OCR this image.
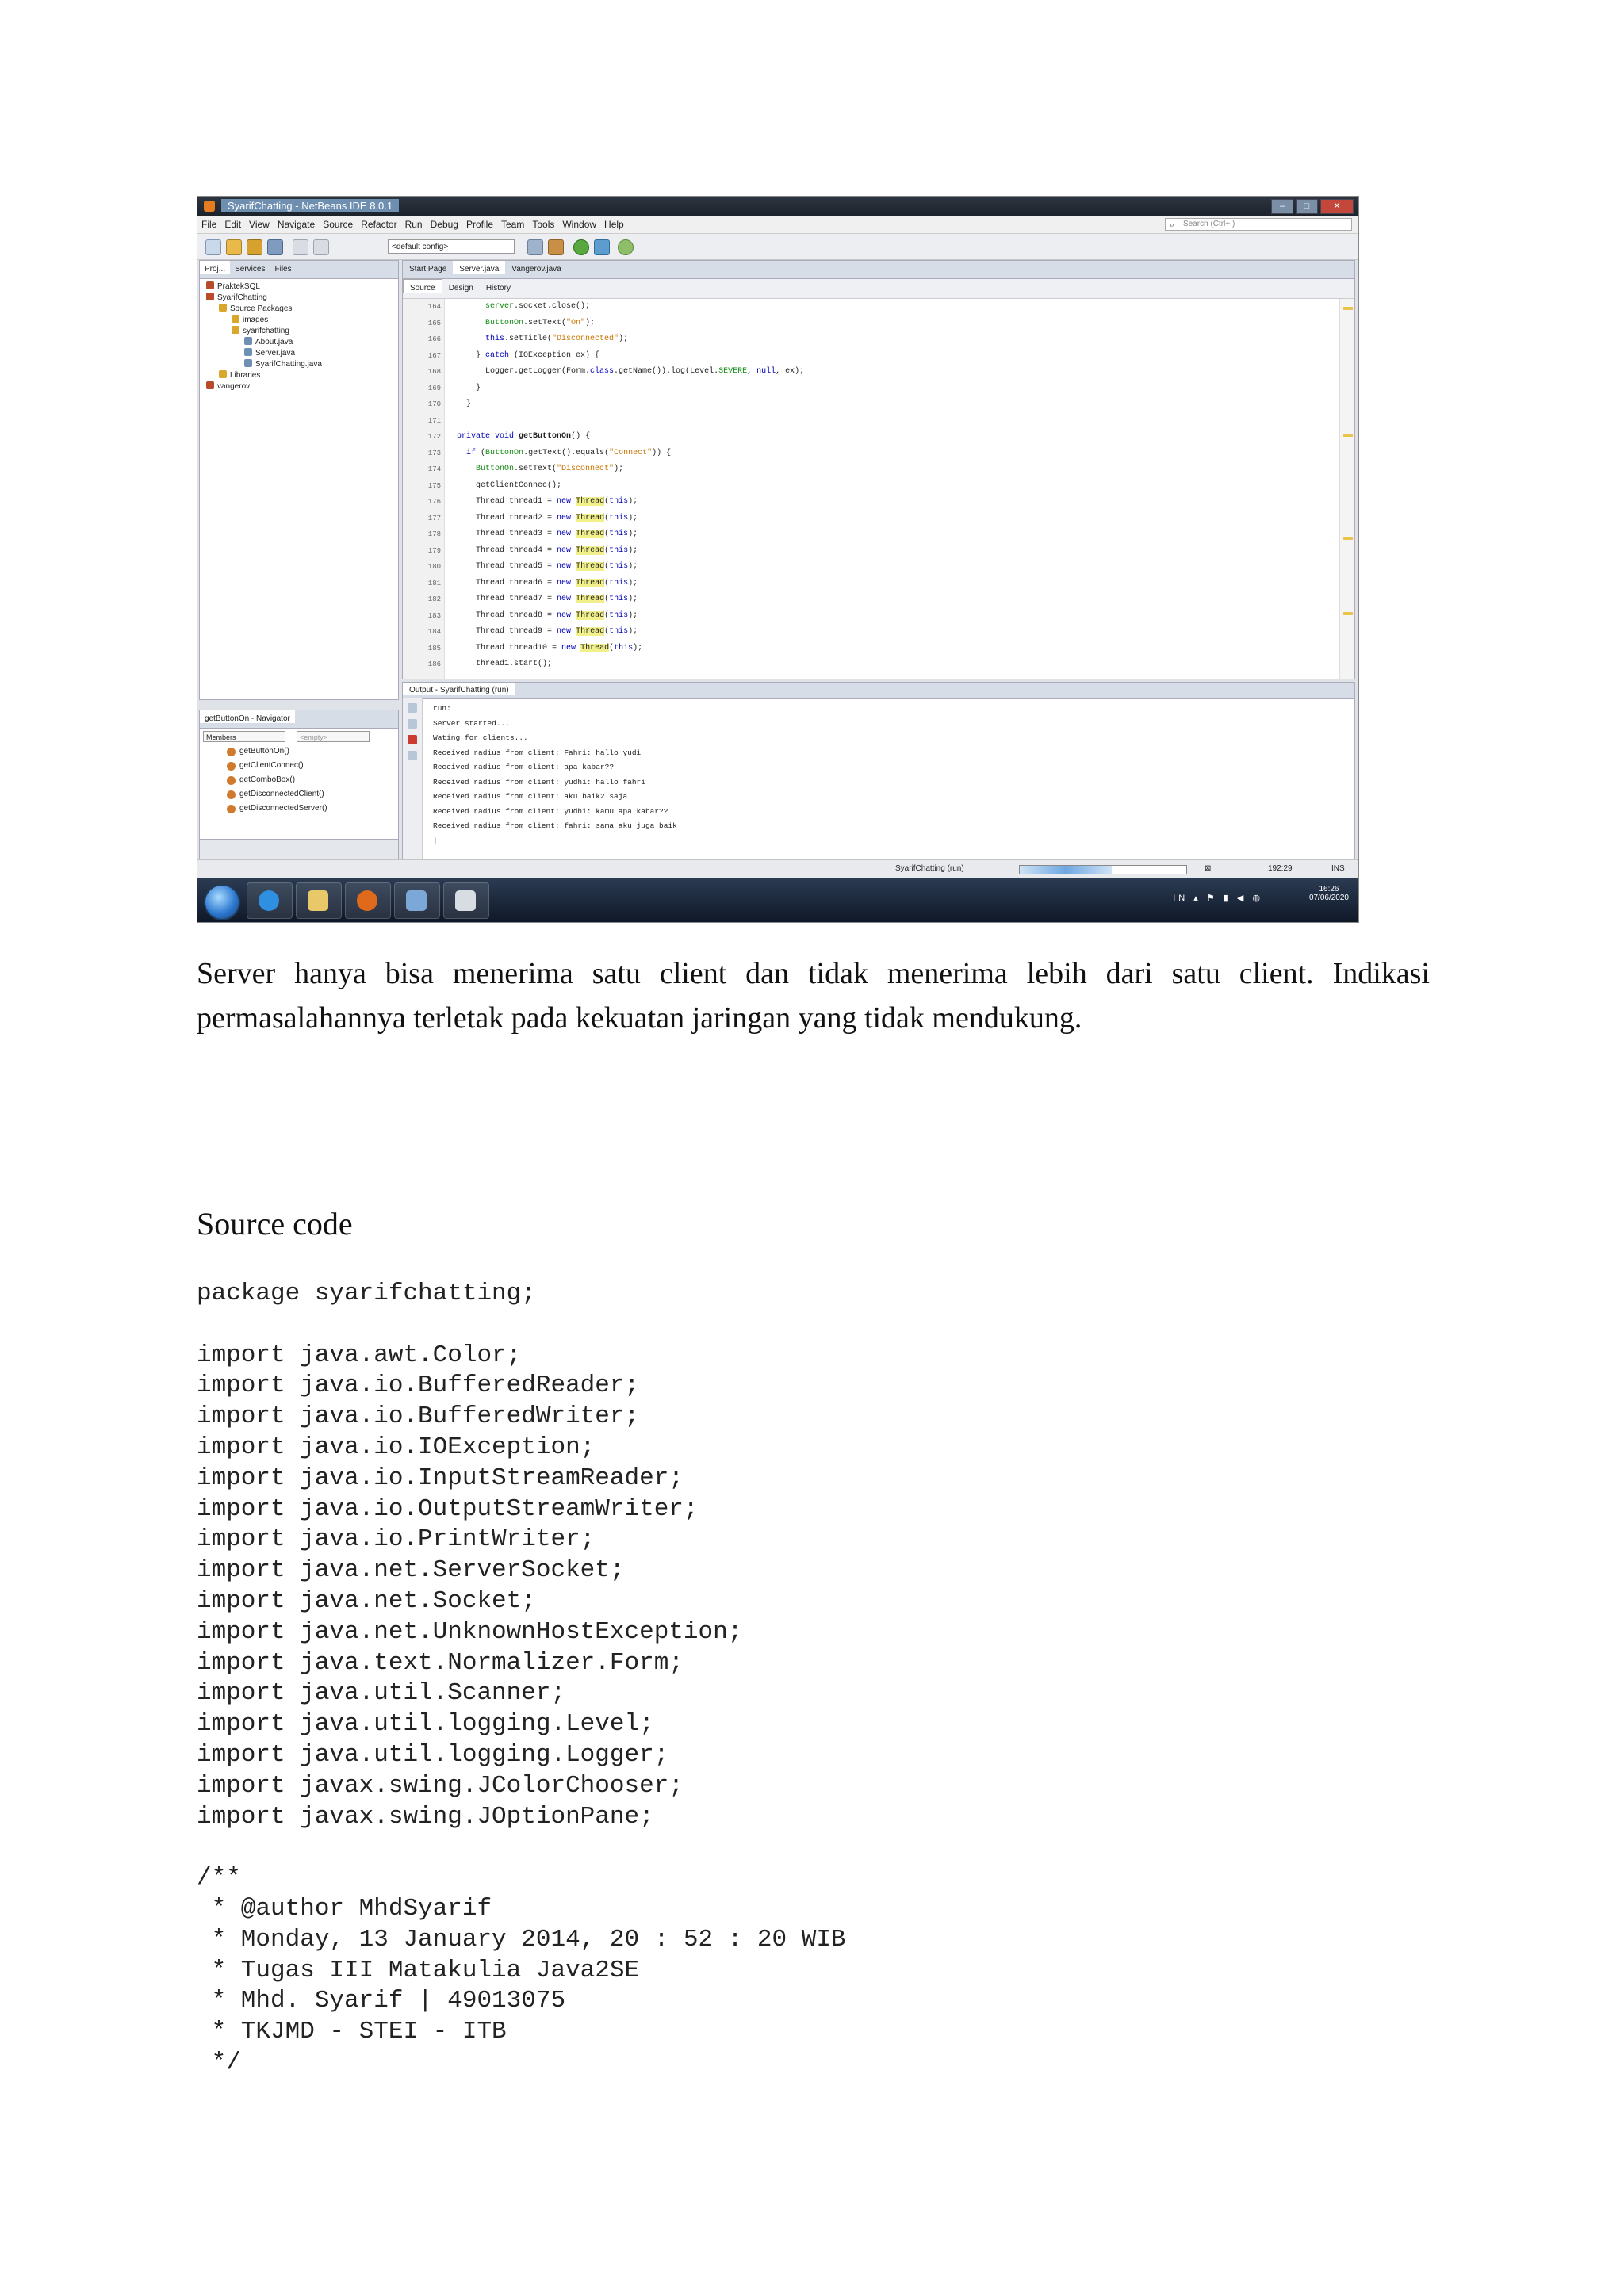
SyarifChatting - NetBeans IDE 8.0.1	–	□	✕
File Edit View Navigate Source Refactor Run Debug Profile Team Tools Window Help	⌕ Search (Ctrl+I)
<default config>
Proj... Services Files
PraktekSQL
SyarifChatting
Source Packages
images
syarifchatting
About.java
Server.java
SyarifChatting.java
Libraries
vangerov
getButtonOn - Navigator
Members	<empty>
getButtonOn()
getClientConnec()
getComboBox()
getDisconnectedClient()
getDisconnectedServer()
Start Page Server.java Vangerov.java
Source Design History
164	server.socket.close();
165	ButtonOn.setText("On");
166	this.setTitle("Disconnected");
167 } catch (IOException ex) {
168 Logger.getLogger(Form.class.getName()).log(Level.SEVERE, null, ex);
169 }
170 }
171
172 private void getButtonOn() {
173	if (ButtonOn.getText().equals("Connect")) {
174	ButtonOn.setText("Disconnect");
175 getClientConnec();
176 Thread thread1 = new Thread(this);
177 Thread thread2 = new Thread(this);
178 Thread thread3 = new Thread(this);
179 Thread thread4 = new Thread(this);
180 Thread thread5 = new Thread(this);
181 Thread thread6 = new Thread(this);
182 Thread thread7 = new Thread(this);
183 Thread thread8 = new Thread(this);
184 Thread thread9 = new Thread(this);
185 Thread thread10 = new Thread(this);
186 thread1.start();
Output - SyarifChatting (run)
run:
Server started...
Wating for clients...
Received radius from client: Fahri: hallo yudi
Received radius from client: apa kabar??
Received radius from client: yudhi: hallo fahri
Received radius from client: aku baik2 saja
Received radius from client: yudhi: kamu apa kabar??
Received radius from client: fahri: sama aku juga baik
|
SyarifChatting (run)	⊠	192:29	INS
IN ▴ ⚑ ▮ ◀ ◍
16:26
07/06/2020
Server hanya bisa menerima satu client dan tidak menerima lebih dari satu client. Indikasi
permasalahannya terletak pada kekuatan jaringan yang tidak mendukung.
Source code
package syarifchatting;

import java.awt.Color;
import java.io.BufferedReader;
import java.io.BufferedWriter;
import java.io.IOException;
import java.io.InputStreamReader;
import java.io.OutputStreamWriter;
import java.io.PrintWriter;
import java.net.ServerSocket;
import java.net.Socket;
import java.net.UnknownHostException;
import java.text.Normalizer.Form;
import java.util.Scanner;
import java.util.logging.Level;
import java.util.logging.Logger;
import javax.swing.JColorChooser;
import javax.swing.JOptionPane;

/**
* @author MhdSyarif
* Monday, 13 January 2014, 20 : 52 : 20 WIB
* Tugas III Matakulia Java2SE
* Mhd. Syarif | 49013075
* TKJMD - STEI - ITB
*/
